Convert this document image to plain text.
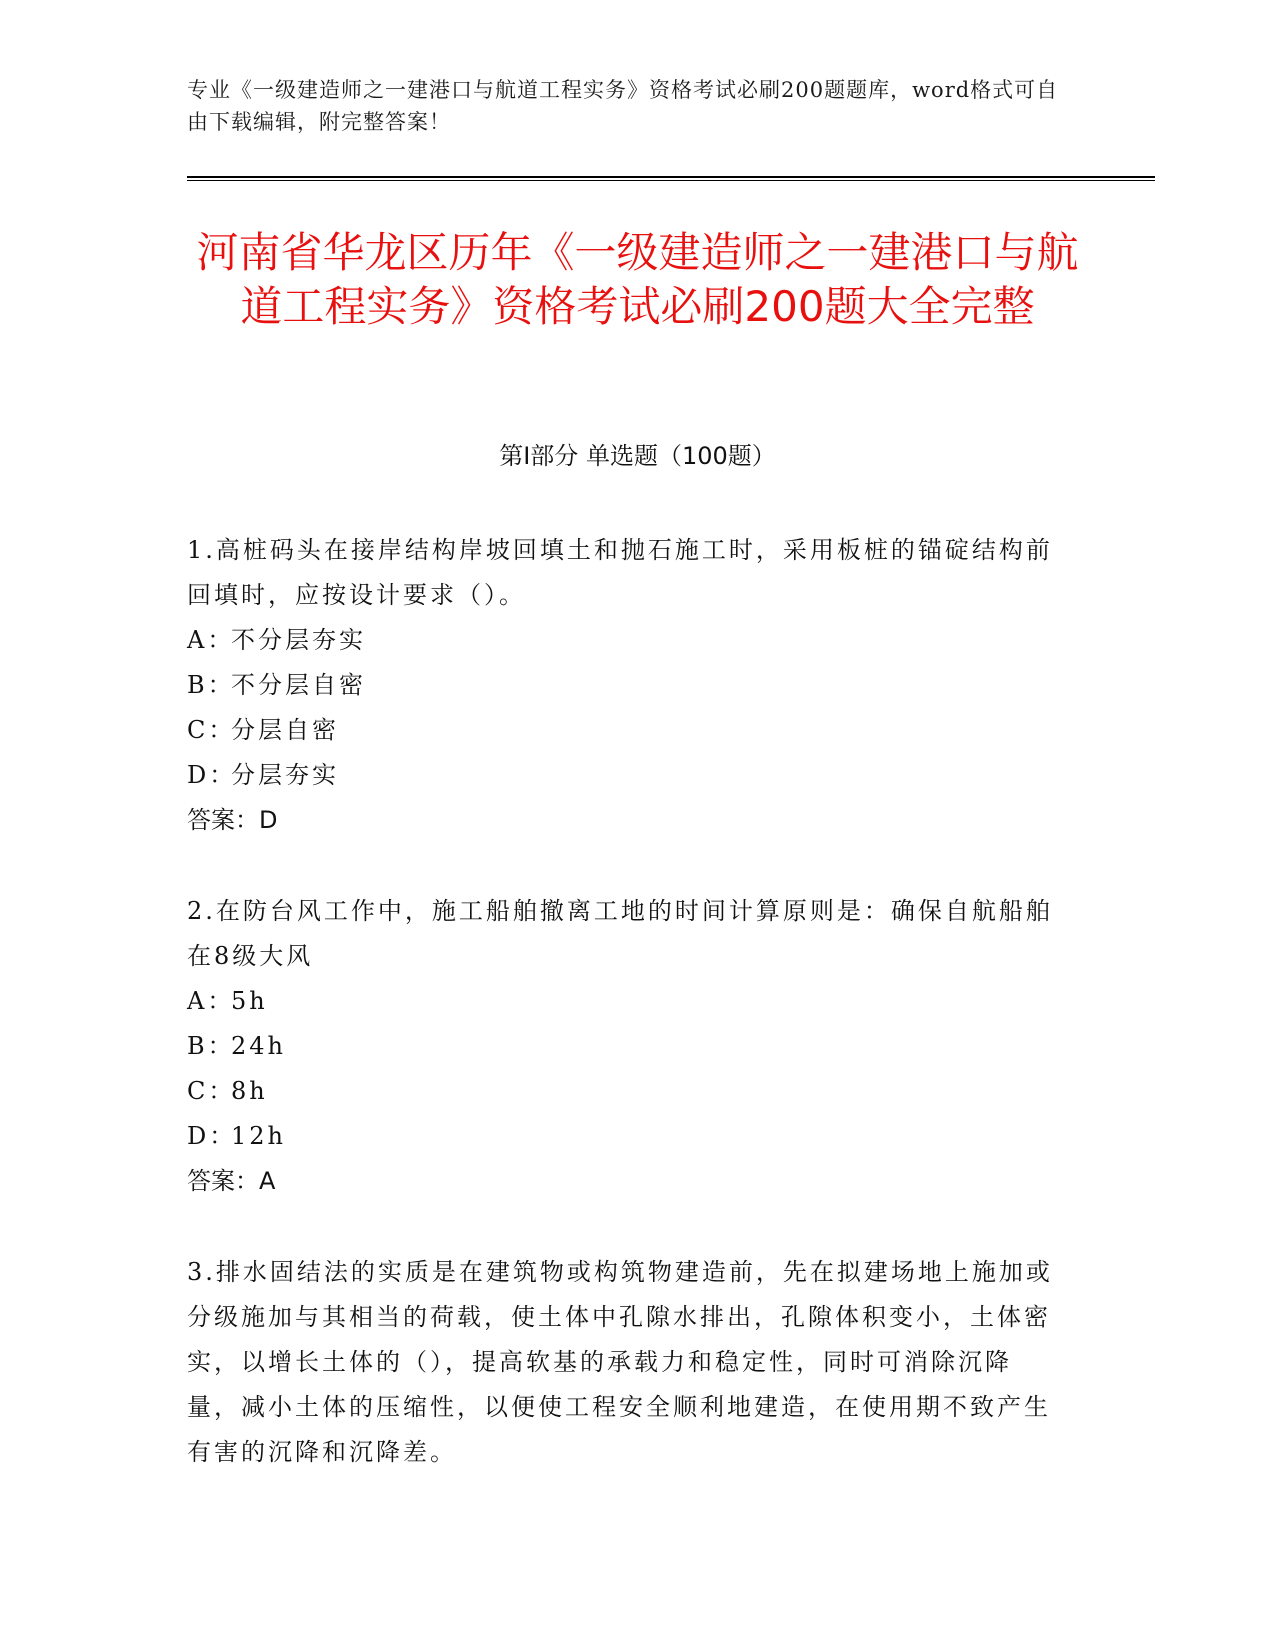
专业《一级建造师之一建港口与航道工程实务》资格考试必刷200题题库，word格式可自由下载编辑，附完整答案！
河南省华龙区历年《一级建造师之一建港口与航道工程实务》资格考试必刷200题大全完整
第Ⅰ部分 单选题（100题）
1.高桩码头在接岸结构岸坡回填土和抛石施工时，采用板桩的锚碇结构前回填时，应按设计要求（）。
A：不分层夯实
B：不分层自密
C：分层自密
D：分层夯实
答案：D
2.在防台风工作中，施工船舶撤离工地的时间计算原则是：确保自航船舶在8级大风
A：5h
B：24h
C：8h
D：12h
答案：A
3.排水固结法的实质是在建筑物或构筑物建造前，先在拟建场地上施加或分级施加与其相当的荷载，使土体中孔隙水排出，孔隙体积变小，土体密实，以增长土体的（），提高软基的承载力和稳定性，同时可消除沉降量，减小土体的压缩性，以便使工程安全顺利地建造，在使用期不致产生有害的沉降和沉降差。
